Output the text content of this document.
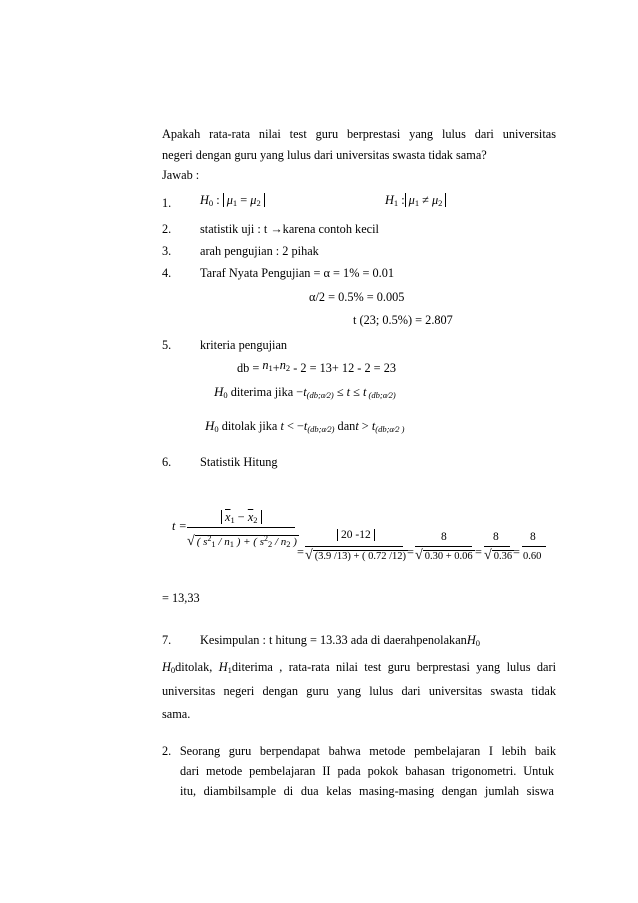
Apakah rata-rata nilai test guru berprestasi yang lulus dari universitas
negeri dengan guru yang lulus dari universitas swasta tidak sama?
Jawab :
1. $H_0$ : $\mu_1 = \mu_2$	$H_1$ : $\mu_1 \ne \mu_2$
2. statistik uji : t →karena contoh kecil
3. arah pengujian : 2 pihak
4. Taraf Nyata Pengujian = α = 1% = 0.01
α/2 = 0.5% = 0.005
t (23; 0.5%) = 2.807
5. kriteria pengujian
db = n1+n2 - 2 = 13+ 12 - 2 = 23
$H_0$ diterima jika $-t_{(db;\alpha⁄2)} \le t \le t$ $_{(db;\alpha⁄2)}$
$H_0$ ditolak jika $t < -t_{(db;\alpha⁄2)}$ dant > $t_{(db;\alpha⁄2 )}$
6. Statistik Hitung
t =
$\overline{x}_1 - \overline{x}_2$
√ ( $s^2_1 / n_1$ ) + ( $s^2_2 / n_2$ )
=
20 -12
√ (3.9 /13) + ( 0.72 /12) =
8
√ 0.30 + 0.06 =
8
√ 0.36 =
8
0.60
= 13,33
7. Kesimpulan : t hitung = 13.33 ada di daerahpenolakanH$_0$
$H_0ditolak$, $H_1diterima$ , rata-rata nilai test guru berprestasi yang lulus dari
universitas negeri dengan guru yang lulus dari universitas swasta tidak
sama.
2. Seorang guru berpendapat bahwa metode pembelajaran I lebih baik
dari metode pembelajaran II pada pokok bahasan trigonometri. Untuk
itu, diambilsample di dua kelas masing-masing dengan jumlah siswa
